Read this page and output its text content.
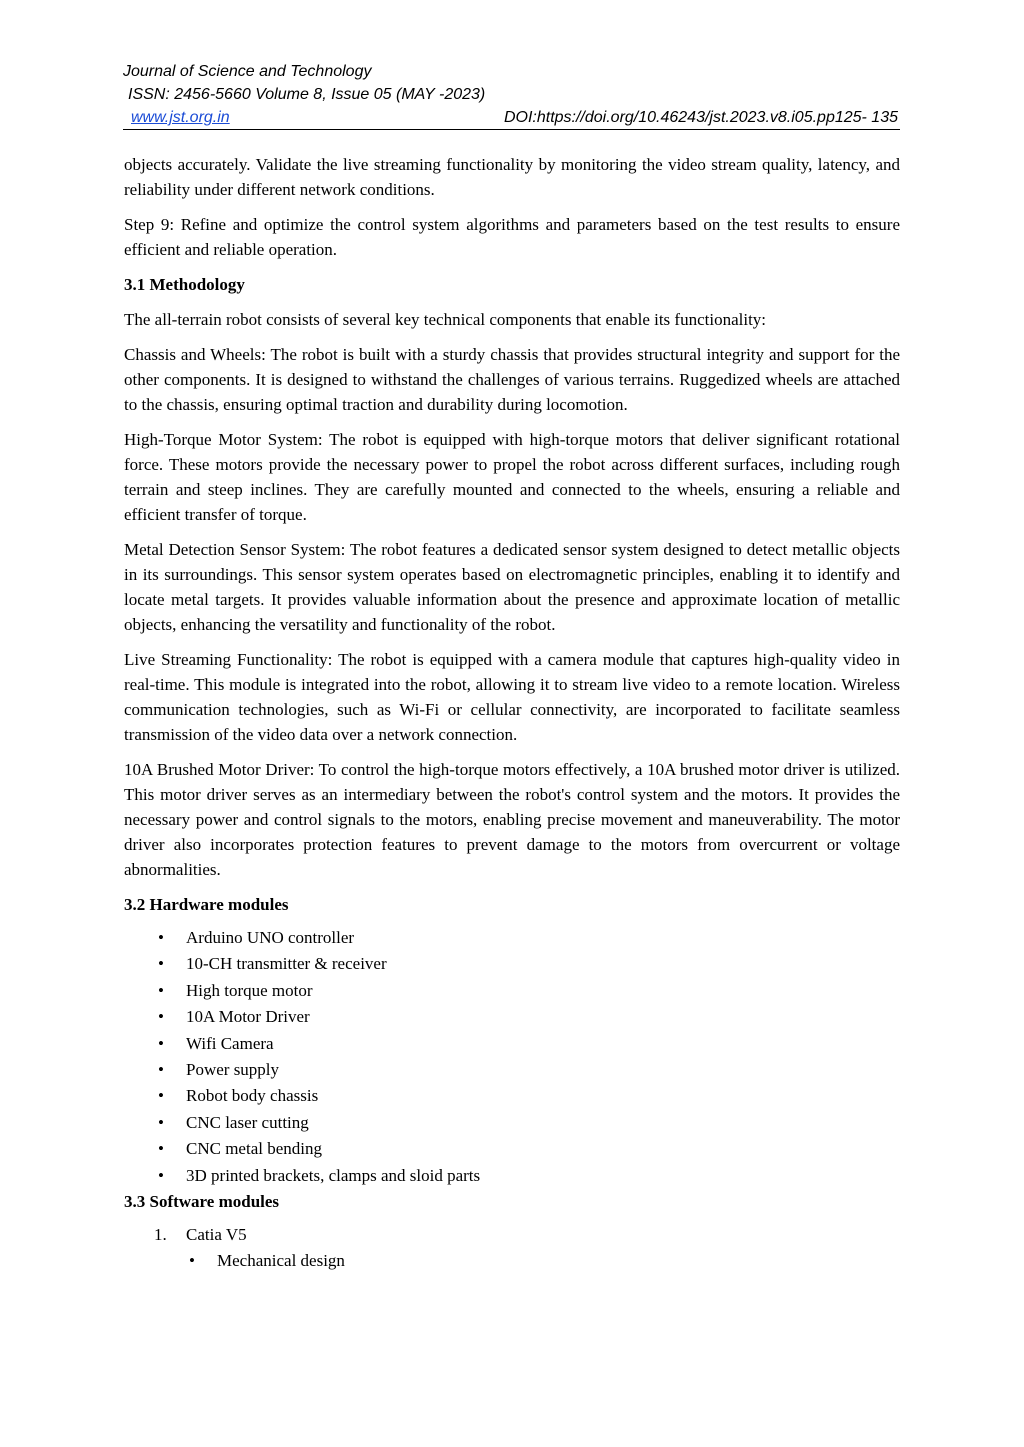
Journal of Science and Technology
ISSN: 2456-5660 Volume 8, Issue 05 (MAY -2023)
www.jst.org.in	DOI:https://doi.org/10.46243/jst.2023.v8.i05.pp125- 135

objects accurately. Validate the live streaming functionality by monitoring the video stream quality, latency, and reliability under different network conditions.

Step 9: Refine and optimize the control system algorithms and parameters based on the test results to ensure efficient and reliable operation.

3.1 Methodology

The all-terrain robot consists of several key technical components that enable its functionality:

Chassis and Wheels: The robot is built with a sturdy chassis that provides structural integrity and support for the other components. It is designed to withstand the challenges of various terrains. Ruggedized wheels are attached to the chassis, ensuring optimal traction and durability during locomotion.

High-Torque Motor System: The robot is equipped with high-torque motors that deliver significant rotational force. These motors provide the necessary power to propel the robot across different surfaces, including rough terrain and steep inclines. They are carefully mounted and connected to the wheels, ensuring a reliable and efficient transfer of torque.

Metal Detection Sensor System: The robot features a dedicated sensor system designed to detect metallic objects in its surroundings. This sensor system operates based on electromagnetic principles, enabling it to identify and locate metal targets. It provides valuable information about the presence and approximate location of metallic objects, enhancing the versatility and functionality of the robot.

Live Streaming Functionality: The robot is equipped with a camera module that captures high-quality video in real-time. This module is integrated into the robot, allowing it to stream live video to a remote location. Wireless communication technologies, such as Wi-Fi or cellular connectivity, are incorporated to facilitate seamless transmission of the video data over a network connection.

10A Brushed Motor Driver: To control the high-torque motors effectively, a 10A brushed motor driver is utilized. This motor driver serves as an intermediary between the robot's control system and the motors. It provides the necessary power and control signals to the motors, enabling precise movement and maneuverability. The motor driver also incorporates protection features to prevent damage to the motors from overcurrent or voltage abnormalities.

3.2 Hardware modules
• Arduino UNO controller
• 10-CH transmitter & receiver
• High torque motor
• 10A Motor Driver
• Wifi Camera
• Power supply
• Robot body chassis
• CNC laser cutting
• CNC metal bending
• 3D printed brackets, clamps and sloid parts
3.3 Software modules
1. Catia V5
• Mechanical design
